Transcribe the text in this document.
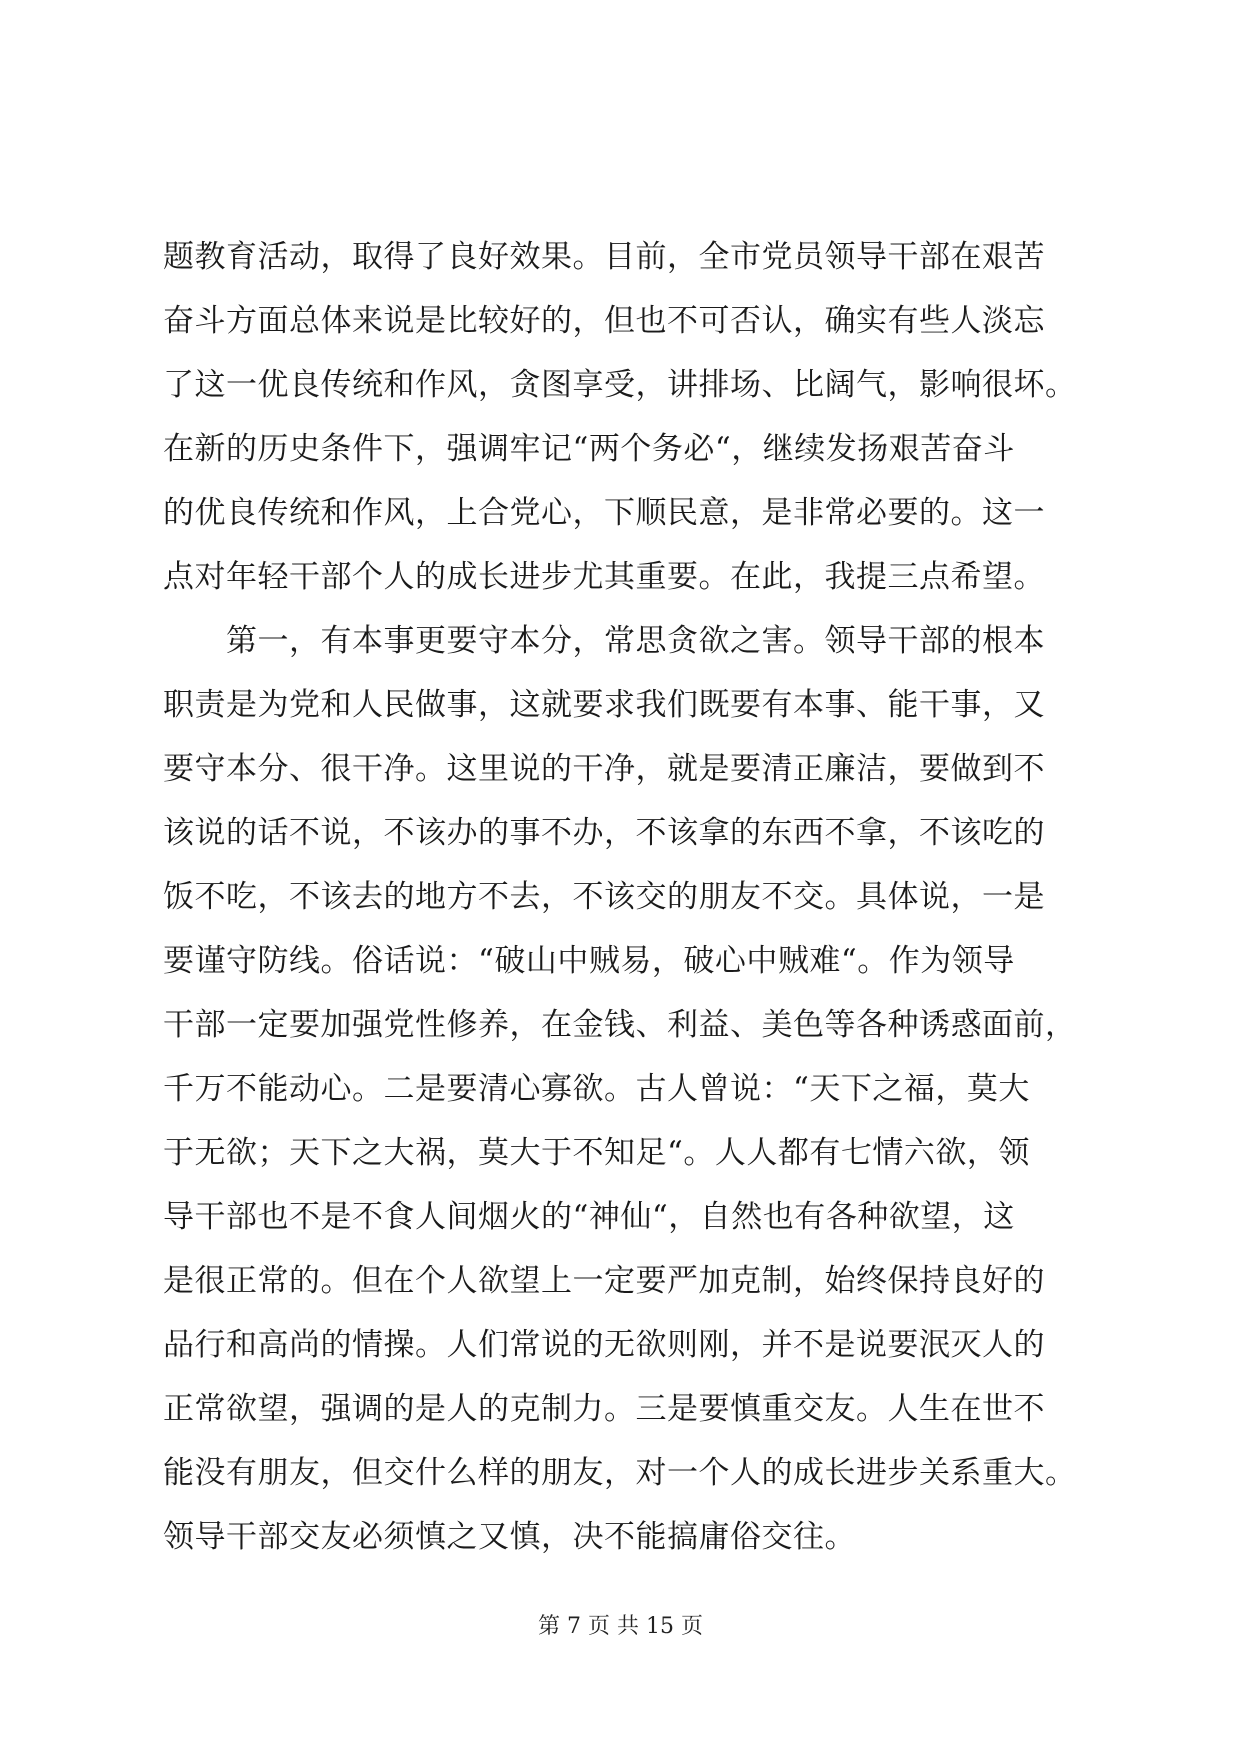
题教育活动，取得了良好效果。目前，全市党员领导干部在艰苦
奋斗方面总体来说是比较好的，但也不可否认，确实有些人淡忘
了这一优良传统和作风，贪图享受，讲排场、比阔气，影响很坏。
在新的历史条件下，强调牢记“两个务必“，继续发扬艰苦奋斗
的优良传统和作风，上合党心，下顺民意，是非常必要的。这一
点对年轻干部个人的成长进步尤其重要。在此，我提三点希望。
　　第一，有本事更要守本分，常思贪欲之害。领导干部的根本
职责是为党和人民做事，这就要求我们既要有本事、能干事，又
要守本分、很干净。这里说的干净，就是要清正廉洁，要做到不
该说的话不说，不该办的事不办，不该拿的东西不拿，不该吃的
饭不吃，不该去的地方不去，不该交的朋友不交。具体说，一是
要谨守防线。俗话说：“破山中贼易，破心中贼难“。作为领导
干部一定要加强党性修养，在金钱、利益、美色等各种诱惑面前，
千万不能动心。二是要清心寡欲。古人曾说：“天下之福，莫大
于无欲；天下之大祸，莫大于不知足“。人人都有七情六欲，领
导干部也不是不食人间烟火的“神仙“，自然也有各种欲望，这
是很正常的。但在个人欲望上一定要严加克制，始终保持良好的
品行和高尚的情操。人们常说的无欲则刚，并不是说要泯灭人的
正常欲望，强调的是人的克制力。三是要慎重交友。人生在世不
能没有朋友，但交什么样的朋友，对一个人的成长进步关系重大。
领导干部交友必须慎之又慎，决不能搞庸俗交往。
第 7 页 共 15 页
